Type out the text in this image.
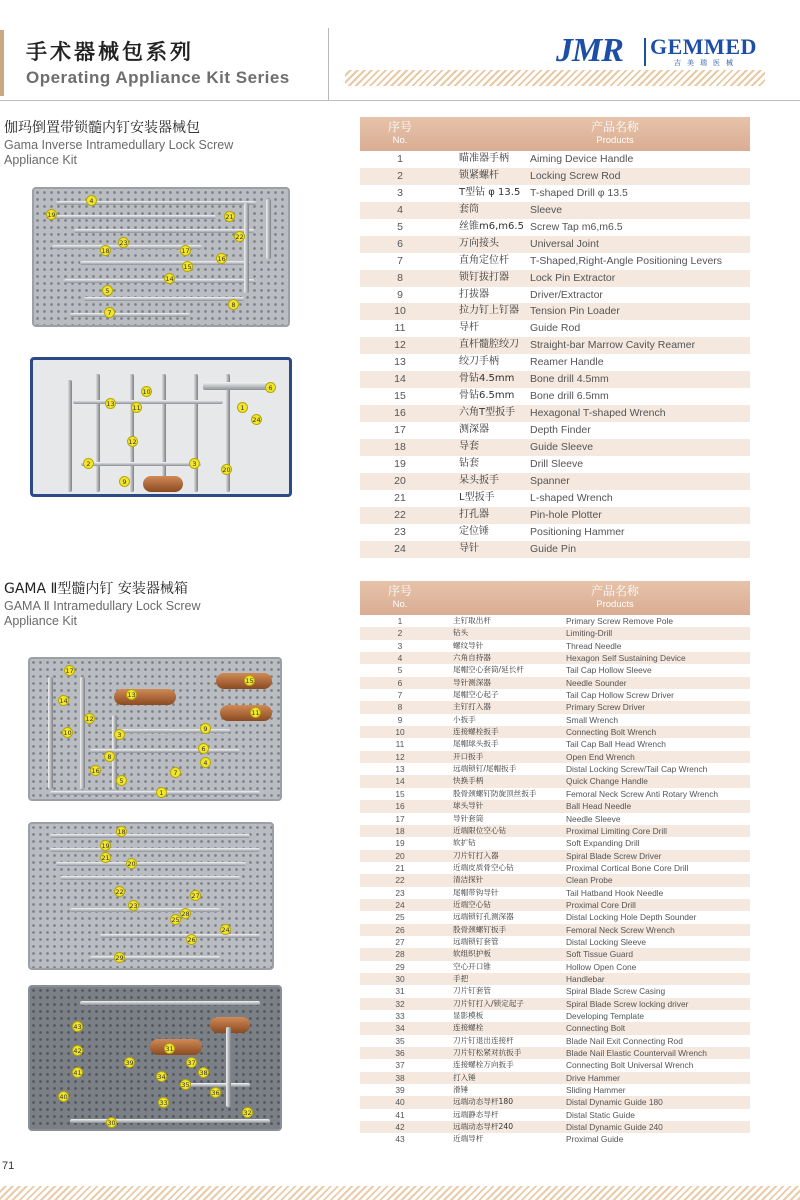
手术器械包系列
Operating Appliance Kit Series
JMR GEMMED
吉美瑞医械
伽玛倒置带锁髓内钉安装器械包
Gama Inverse Intramedullary Lock Screw
Appliance Kit
4
19
23
21
22
18	17
16
15
14
5
8
7
10	6
13	11	1
24
12
2	3
20
9
序号
No.
产品名称
Products
1	瞄准器手柄 Aiming Device Handle
2	锁紧螺杆	Locking Screw Rod
3	T型钻 φ 13.5 T-shaped Drill φ 13.5
4	套筒	Sleeve
5	丝锥m6,m6.5 Screw Tap m6,m6.5
6	万向接头	Universal Joint
7	直角定位杆 T-Shaped,Right-Angle Positioning Levers
8	锁钉拔打器 Lock Pin Extractor
9	打拔器	Driver/Extractor
10	拉力钉上钉器 Tension Pin Loader
11	导杆	Guide Rod
12	直杆髓腔绞刀 Straight-bar Marrow Cavity Reamer
13	绞刀手柄	Reamer Handle
14	骨钻4.5mm Bone drill 4.5mm
15	骨钻6.5mm Bone drill 6.5mm
16	六角T型扳手 Hexagonal T-shaped Wrench
17	测深器	Depth Finder
18	导套	Guide Sleeve
19	钻套	Drill Sleeve
20	呆头扳手	Spanner
21	L型扳手	L-shaped Wrench
22	打孔器	Pin-hole Plotter
23	定位锤	Positioning Hammer
24	导针	Guide Pin
GAMA Ⅱ型髓内钉 安装器械箱
GAMA Ⅱ Intramedullary Lock Screw
Appliance Kit
17
15
14
13
11
12
10	9
3
6
8
4
16	7
5
1
18
19
21
20
22
23
27
28
25
24
26
29
43
42
41
40
39
31
34
37
38
35
36
33
30
32
序号
No.
产品名称
Products
1	主钉取出杆	Primary Screw Remove Pole
2	钻头	Limiting-Drill
3	螺纹导针	Thread Needle
4	六角自持器	Hexagon Self Sustaining Device
5	尾帽空心套筒/延长杆	Tail Cap Hollow Sleeve
6	导针测深器	Needle Sounder
7	尾帽空心起子	Tail Cap Hollow Screw Driver
8	主钉打入器	Primary Screw Driver
9	小扳手	Small Wrench
10	连接螺栓扳手	Connecting Bolt Wrench
11	尾帽球头扳手	Tail Cap Ball Head Wrench
12	开口扳手	Open End Wrench
13	远端锁钉/尾帽扳手	Distal Locking Screw/Tail Cap Wrench
14	快换手柄	Quick Change Handle
15	股骨颈螺钉防旋顶丝扳手	Femoral Neck Screw Anti Rotary Wrench
16	球头导针	Ball Head Needle
17	导针套筒	Needle Sleeve
18	近端限位空心钻	Proximal Limiting Core Drill
19	软扩钻	Soft Expanding Drill
20	刀片钉打入器	Spiral Blade Screw Driver
21	近端皮质骨空心钻	Proximal Cortical Bone Core Drill
22	清洁探针	Clean Probe
23	尾帽带钩导针	Tail Hatband Hook Needle
24	近端空心钻	Proximal Core Drill
25	远端锁钉孔测深器	Distal Locking Hole Depth Sounder
26	股骨颈螺钉扳手	Femoral Neck Screw Wrench
27	远端锁钉套管	Distal Locking Sleeve
28	软组织护板	Soft Tissue Guard
29	空心开口锥	Hollow Open Cone
30	手把	Handlebar
31	刀片钉套管	Spiral Blade Screw Casing
32	刀片钉打入/锁定起子	Spiral Blade Screw locking driver
33	显影模板	Developing Template
34	连接螺栓	Connecting Bolt
35	刀片钉退出连接杆	Blade Nail Exit Connecting Rod
36	刀片钉松紧对抗扳手	Blade Nail Elastic Countervail Wrench
37	连接螺栓万向扳手	Connecting Bolt Universal Wrench
38	打入锤	Drive Hammer
39	滑锤	Sliding Hammer
40	远端动态导杆180	Distal Dynamic Guide 180
41	远端静态导杆	Distal Static Guide
42	远端动态导杆240	Distal Dynamic Guide 240
43	近端导杆	Proximal Guide
71
